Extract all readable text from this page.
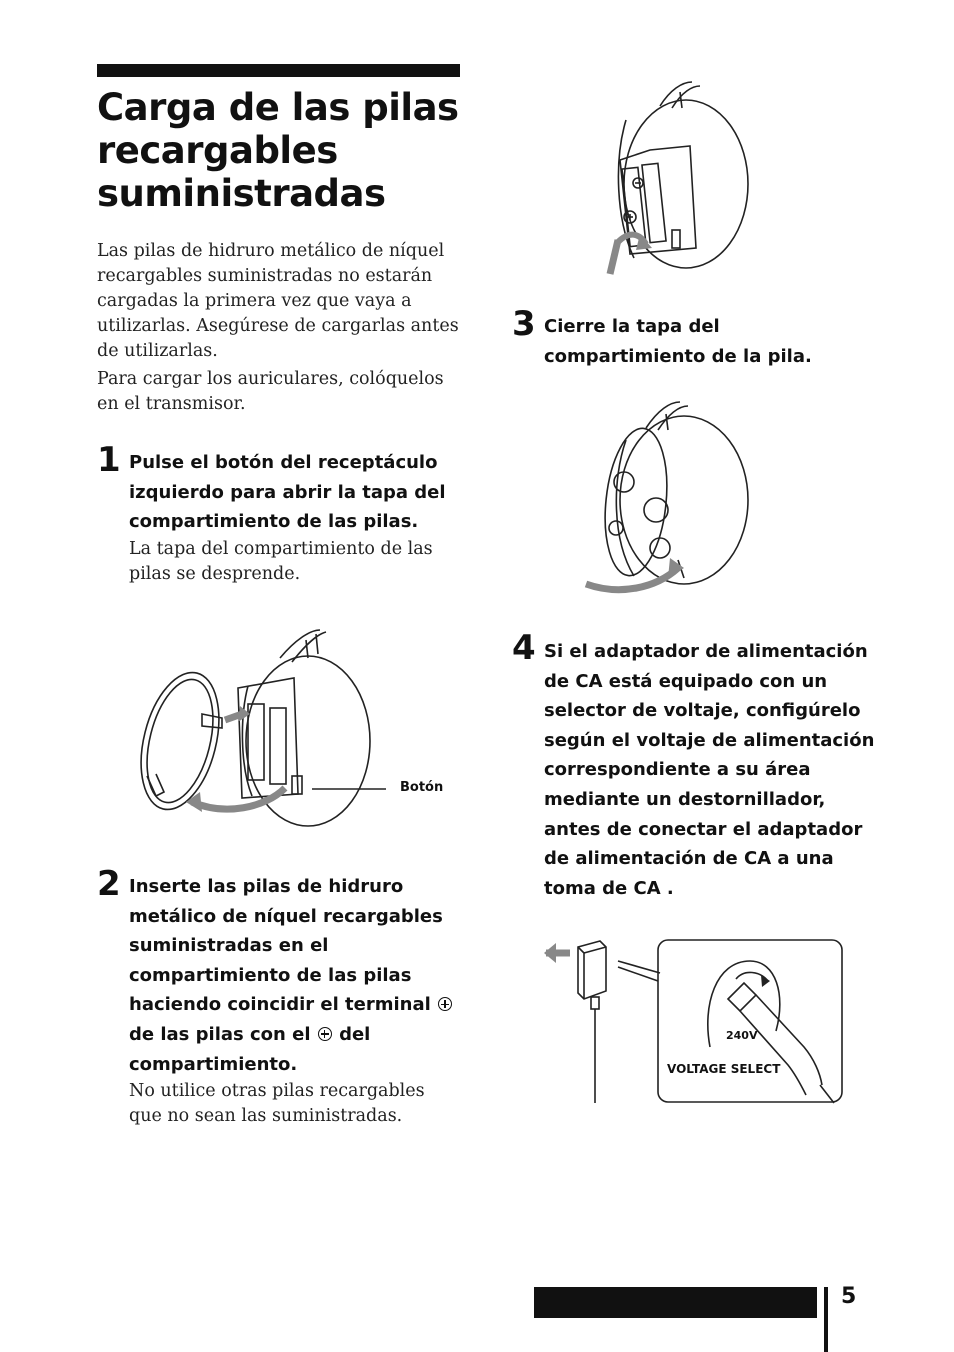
Carga de las pilas recargables suministradas

Las pilas de hidruro metálico de níquel recargables suministradas no estarán cargadas la primera vez que vaya a utilizarlas. Asegúrese de cargarlas antes de utilizarlas.

Para cargar los auriculares, colóquelos en el transmisor.

1 Pulse el botón del receptáculo
izquierdo para abrir la tapa del
compartimiento de las pilas.

La tapa del compartimiento de las pilas se desprende.

Botón
2 Inserte las pilas de hidruro
metálico de níquel recargables
suministradas en el
compartimiento de las pilas
haciendo coincidir el terminal
de las pilas con el del
compartimiento.

No utilice otras pilas recargables que no sean las suministradas.

3 Cierre la tapa del
compartimiento de la pila.

4 Si el adaptador de alimentación
de CA está equipado con un
selector de voltaje, configúrelo
según el voltaje de alimentación
correspondiente a su área
mediante un destornillador,
antes de conectar el adaptador
de alimentación de CA a una
toma de CA .

240V
VOLTAGE SELECT
5
